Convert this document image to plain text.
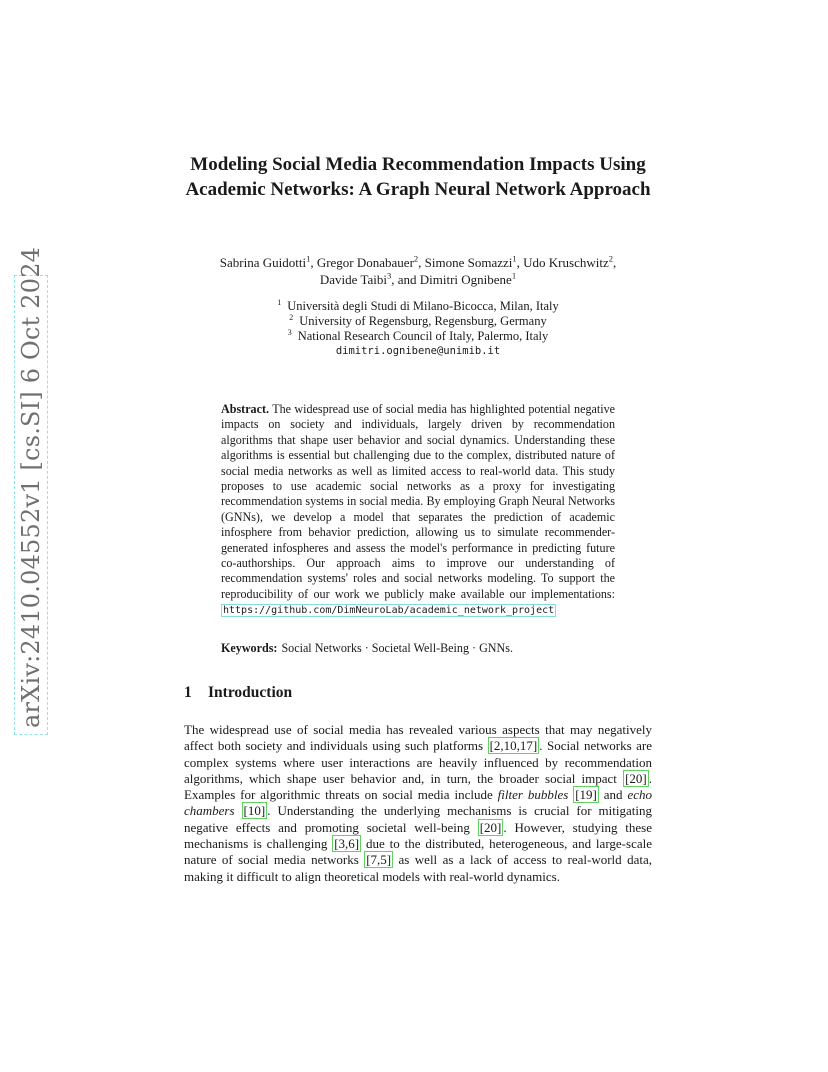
arXiv:2410.04552v1 [cs.SI] 6 Oct 2024
Modeling Social Media Recommendation Impacts Using Academic Networks: A Graph Neural Network Approach
Sabrina Guidotti$^1$, Gregor Donabauer$^2$, Simone Somazzi$^1$, Udo Kruschwitz$^2$,
Davide Taibi$^3$, and Dimitri Ognibene$^1$
$^1$ Università degli Studi di Milano-Bicocca, Milan, Italy
$^2$ University of Regensburg, Regensburg, Germany
$^3$ National Research Council of Italy, Palermo, Italy
dimitri.ognibene@unimib.it
Abstract. The widespread use of social media has highlighted potential negative impacts on society and individuals, largely driven by recommendation algorithms that shape user behavior and social dynamics. Understanding these algorithms is essential but challenging due to the complex, distributed nature of social media networks as well as limited access to real-world data. This study proposes to use academic social networks as a proxy for investigating recommendation systems in social media. By employing Graph Neural Networks (GNNs), we develop a model that separates the prediction of academic infosphere from behavior prediction, allowing us to simulate recommender-generated infospheres and assess the model's performance in predicting future co-authorships. Our approach aims to improve our understanding of recommendation systems' roles and social networks modeling. To support the reproducibility of our work we publicly make available our implementations: https://github.com/DimNeuroLab/academic_network_project
Keywords: Social Networks · Societal Well-Being · GNNs.
1 Introduction
The widespread use of social media has revealed various aspects that may negatively affect both society and individuals using such platforms [2,10,17] . Social networks are complex systems where user interactions are heavily influenced by recommendation algorithms, which shape user behavior and, in turn, the broader social impact [20] . Examples for algorithmic threats on social media include filter bubbles [19] and echo chambers [10] . Understanding the underlying mechanisms is crucial for mitigating negative effects and promoting societal well-being [20] . However, studying these mechanisms is challenging [3,6] due to the distributed, heterogeneous, and large-scale nature of social media networks [7,5] as well as a lack of access to real-world data, making it difficult to align theoretical models with real-world dynamics.
